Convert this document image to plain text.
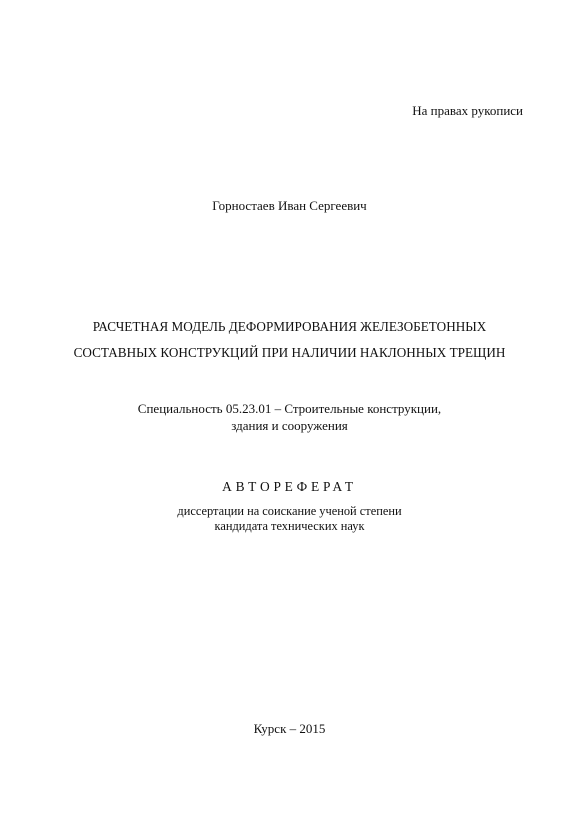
На правах рукописи
Горностаев Иван Сергеевич
РАСЧЕТНАЯ МОДЕЛЬ ДЕФОРМИРОВАНИЯ ЖЕЛЕЗОБЕТОННЫХ
СОСТАВНЫХ КОНСТРУКЦИЙ ПРИ НАЛИЧИИ НАКЛОННЫХ ТРЕЩИН
Специальность 05.23.01 – Строительные конструкции,
здания и сооружения
АВТОРЕФЕРАТ
диссертации на соискание ученой степени
кандидата технических наук
Курск – 2015
